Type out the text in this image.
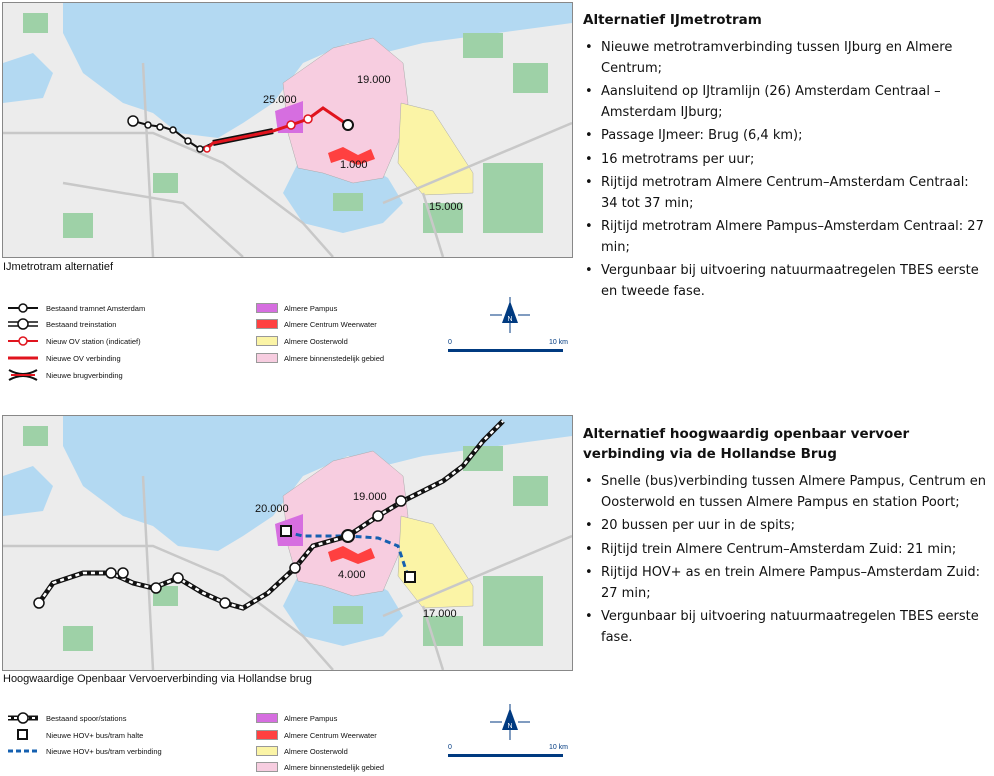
25.000
19.000
1.000
15.000
IJmetrotram alternatief
Bestaand tramnet Amsterdam
Bestaand treinstation
Nieuw OV station (indicatief)
Nieuwe OV verbinding
Nieuwe brugverbinding
Almere Pampus
Almere Centrum Weerwater
Almere Oosterwold
Almere binnenstedelijk gebied
N
0	10 km
Alternatief IJmetrotram
• Nieuwe metrotramverbinding tussen IJburg en Almere Centrum;
• Aansluitend op IJtramlijn (26) Amsterdam Centraal –Amsterdam IJburg;
• Passage IJmeer: Brug (6,4 km);
• 16 metrotrams per uur;
• Rijtijd metrotram Almere Centrum–Amsterdam Centraal: 34 tot 37 min;
• Rijtijd metrotram Almere Pampus–Amsterdam Centraal: 27 min;
• Vergunbaar bij uitvoering natuurmaatregelen TBES eerste en tweede fase.
20.000
19.000
4.000
17.000
Hoogwaardige Openbaar Vervoerverbinding via Hollandse brug
Bestaand spoor/stations
Nieuwe HOV+ bus/tram halte
Nieuwe HOV+ bus/tram verbinding
Almere Pampus
Almere Centrum Weerwater
Almere Oosterwold
Almere binnenstedelijk gebied
N
0	10 km
Alternatief hoogwaardig openbaar vervoer verbinding via de Hollandse Brug
• Snelle (bus)verbinding tussen Almere Pampus, Centrum en Oosterwold en tussen Almere Pampus en station Poort;
• 20 bussen per uur in de spits;
• Rijtijd trein Almere Centrum–Amsterdam Zuid: 21 min;
• Rijtijd HOV+ as en trein Almere Pampus–Amsterdam Zuid: 27 min;
• Vergunbaar bij uitvoering natuurmaatregelen TBES eerste fase.
